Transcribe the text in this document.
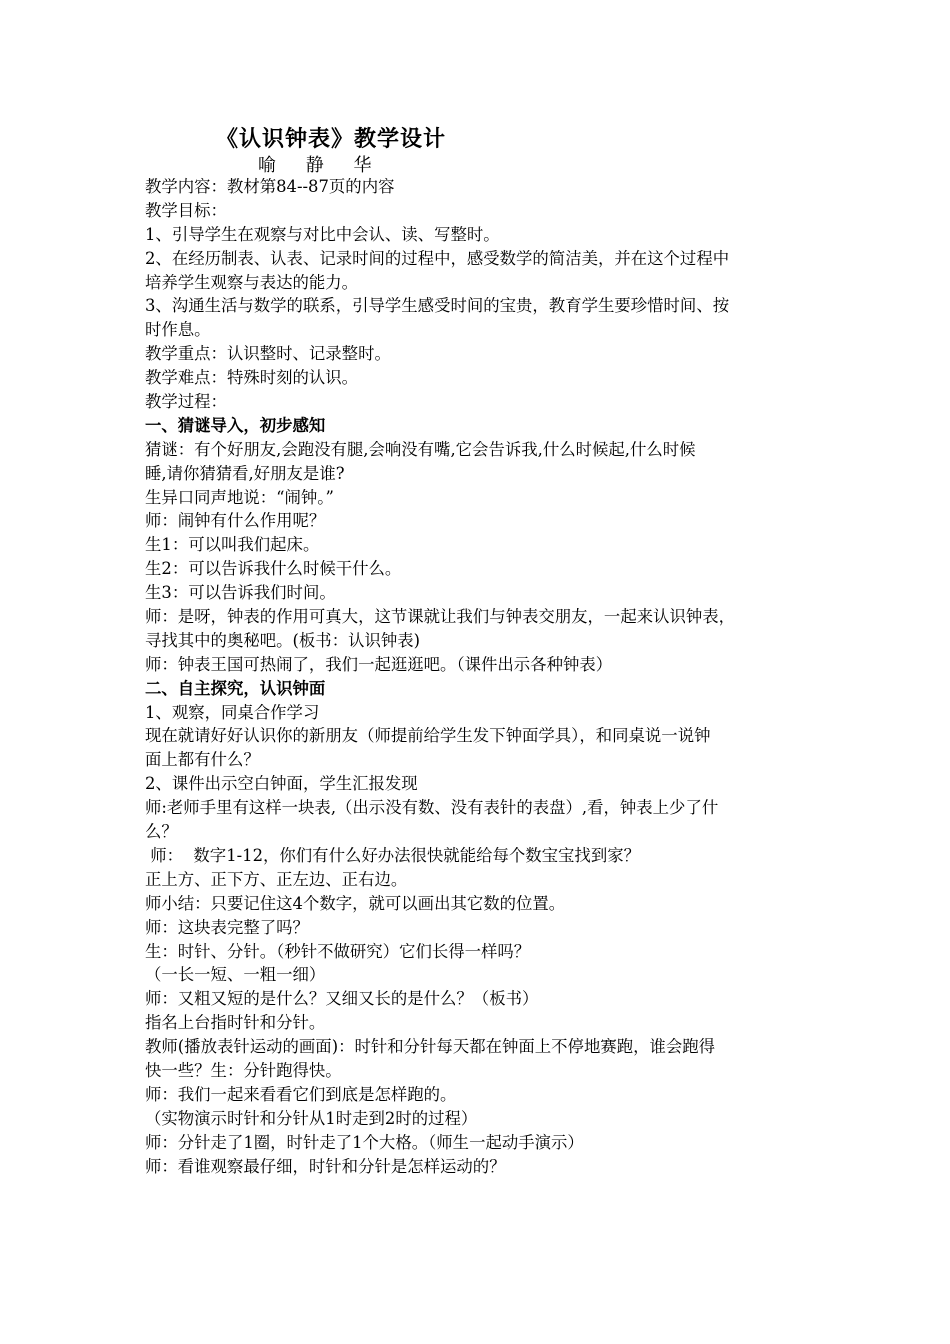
《认识钟表》教学设计
喻 静 华
教学内容：教材第84--87页的内容
教学目标：
1、引导学生在观察与对比中会认、读、写整时。
2、在经历制表、认表、记录时间的过程中，感受数学的简洁美，并在这个过程中
培养学生观察与表达的能力。
3、沟通生活与数学的联系，引导学生感受时间的宝贵，教育学生要珍惜时间、按
时作息。
教学重点：认识整时、记录整时。
教学难点：特殊时刻的认识。
教学过程：
一、猜谜导入，初步感知
猜谜：有个好朋友,会跑没有腿,会响没有嘴,它会告诉我,什么时候起,什么时候
睡,请你猜猜看,好朋友是谁?
生异口同声地说：“闹钟。”
师：闹钟有什么作用呢？
生1：可以叫我们起床。
生2：可以告诉我什么时候干什么。
生3：可以告诉我们时间。
师：是呀，钟表的作用可真大，这节课就让我们与钟表交朋友，一起来认识钟表，
寻找其中的奥秘吧。(板书：认识钟表)
师：钟表王国可热闹了，我们一起逛逛吧。（课件出示各种钟表）
二、自主探究，认识钟面
1、观察，同桌合作学习
现在就请好好认识你的新朋友（师提前给学生发下钟面学具），和同桌说一说钟
面上都有什么？
2、课件出示空白钟面，学生汇报发现
师:老师手里有这样一块表,（出示没有数、没有表针的表盘）,看，钟表上少了什
么？
师：  数字1-12，你们有什么好办法很快就能给每个数宝宝找到家？
正上方、正下方、正左边、正右边。
师小结：只要记住这4个数字，就可以画出其它数的位置。
师：这块表完整了吗？
生：时针、分针。（秒针不做研究）它们长得一样吗？
（一长一短、一粗一细）
师：又粗又短的是什么？又细又长的是什么？（板书）
指名上台指时针和分针。
教师(播放表针运动的画面)：时针和分针每天都在钟面上不停地赛跑，谁会跑得
快一些？生：分针跑得快。
师：我们一起来看看它们到底是怎样跑的。
（实物演示时针和分针从1时走到2时的过程）
师：分针走了1圈，时针走了1个大格。（师生一起动手演示）
师：看谁观察最仔细，时针和分针是怎样运动的？
